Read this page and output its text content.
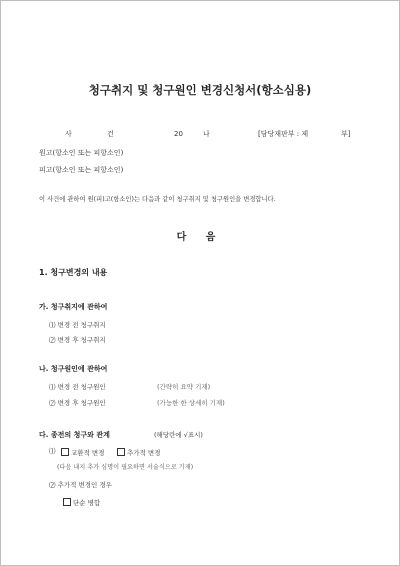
청구취지 및 청구원인 변경신청서(항소심용)
사	건	20	나	[담당재판부 : 제	부]
원고(항소인 또는 피항소인)
피고(항소인 또는 피항소인)
이 사건에 관하여 원(피)고(항소인)는 다음과 같이 청구취지 및 청구원인을 변경합니다.
다 음
1. 청구변경의 내용
가. 청구취지에 관하여
⑴ 변경 전 청구취지
⑵ 변경 후 청구취지
나. 청구원인에 관하여
⑴ 변경 전 청구원인	(간략히 요약 기재)
⑵ 변경 후 청구원인	(가능한 한 상세히 기재)
다. 종전의 청구와 관계	(해당란에 √표시)
⑴	교환적 변경	추가적 변경
(다음 내지 추가 심명이 필요하면 서술식으로 기재)
⑵ 추가적 변경인 경우
단순 병합
